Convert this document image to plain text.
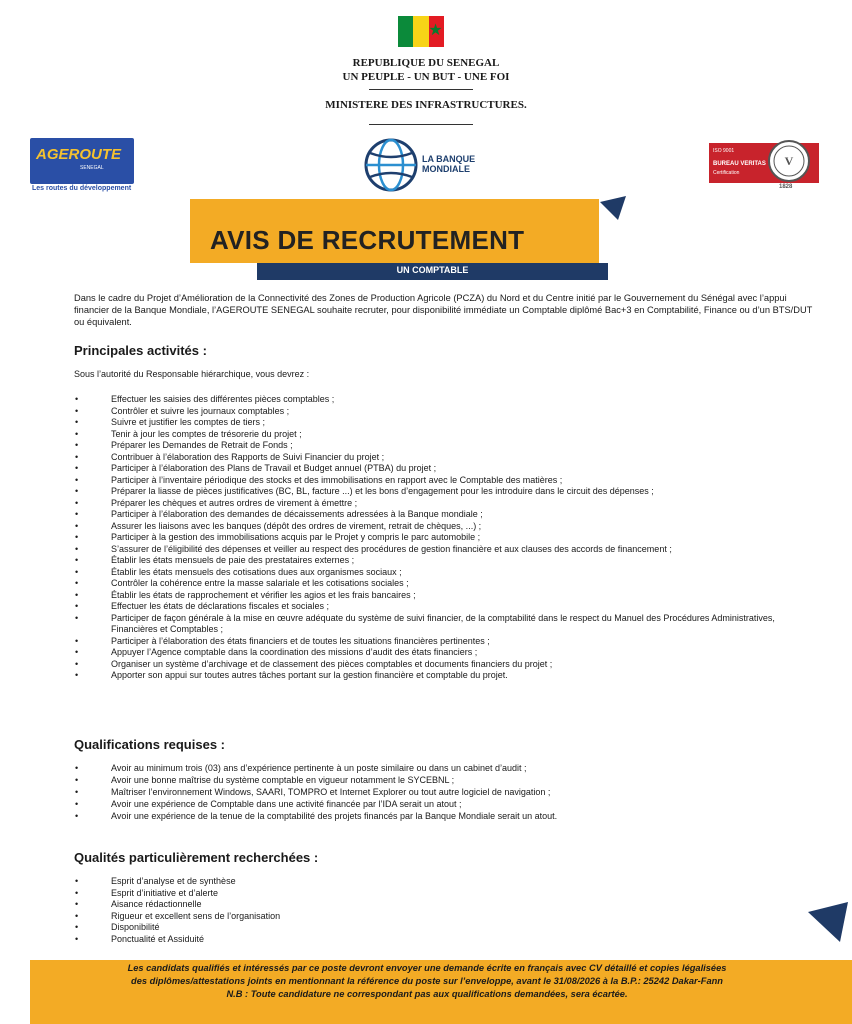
★
REPUBLIQUE DU SENEGAL
UN PEUPLE - UN BUT - UNE FOI
MINISTERE DES INFRASTRUCTURES.
AGEROUTE
SENEGAL
Les routes du développement
LA BANQUE
MONDIALE
ISO 9001
BUREAU VERITAS
Certification
V
1828
AVIS DE RECRUTEMENT
UN COMPTABLE
Dans le cadre du Projet d’Amélioration de la Connectivité des Zones de Production Agricole (PCZA) du Nord et du Centre initié par le Gouvernement du Sénégal avec l’appui financier de la Banque Mondiale, l’AGEROUTE SENEGAL souhaite recruter, pour disponibilité immédiate un Comptable diplômé Bac+3 en Comptabilité, Finance ou d’un BTS/DUT ou équivalent.
Principales activités :
Sous l’autorité du Responsable hiérarchique, vous devrez :
• Effectuer les saisies des différentes pièces comptables ;
• Contrôler et suivre les journaux comptables ;
• Suivre et justifier les comptes de tiers ;
• Tenir à jour les comptes de trésorerie du projet ;
• Préparer les Demandes de Retrait de Fonds ;
• Contribuer à l’élaboration des Rapports de Suivi Financier du projet ;
• Participer à l’élaboration des Plans de Travail et Budget annuel (PTBA) du projet ;
• Participer à l’inventaire périodique des stocks et des immobilisations en rapport avec le Comptable des matières ;
• Préparer la liasse de pièces justificatives (BC, BL, facture ...) et les bons d’engagement pour les introduire dans le circuit des dépenses ;
• Préparer les chèques et autres ordres de virement à émettre ;
• Participer à l’élaboration des demandes de décaissements adressées à la Banque mondiale ;
• Assurer les liaisons avec les banques (dépôt des ordres de virement, retrait de chèques, ...) ;
• Participer à la gestion des immobilisations acquis par le Projet y compris le parc automobile ;
• S’assurer de l’éligibilité des dépenses et veiller au respect des procédures de gestion financière et aux clauses des accords de financement ;
• Établir les états mensuels de paie des prestataires externes ;
• Établir les états mensuels des cotisations dues aux organismes sociaux ;
• Contrôler la cohérence entre la masse salariale et les cotisations sociales ;
• Établir les états de rapprochement et vérifier les agios et les frais bancaires ;
• Effectuer les états de déclarations fiscales et sociales ;
• Participer de façon générale à la mise en œuvre adéquate du système de suivi financier, de la comptabilité dans le respect du Manuel des Procédures Administratives, Financières et Comptables ;
• Participer à l’élaboration des états financiers et de toutes les situations financières pertinentes ;
• Appuyer l’Agence comptable dans la coordination des missions d’audit des états financiers ;
• Organiser un système d’archivage et de classement des pièces comptables et documents financiers du projet ;
• Apporter son appui sur toutes autres tâches portant sur la gestion financière et comptable du projet.
Qualifications requises :
• Avoir au minimum trois (03) ans d’expérience pertinente à un poste similaire ou dans un cabinet d’audit ;
• Avoir une bonne maîtrise du système comptable en vigueur notamment le SYCEBNL ;
• Maîtriser l’environnement Windows, SAARI, TOMPRO et Internet Explorer ou tout autre logiciel de navigation ;
• Avoir une expérience de Comptable dans une activité financée par l’IDA serait un atout ;
• Avoir une expérience de la tenue de la comptabilité des projets financés par la Banque Mondiale serait un atout.
Qualités particulièrement recherchées :
• Esprit d’analyse et de synthèse
• Esprit d’initiative et d’alerte
• Aisance rédactionnelle
• Rigueur et excellent sens de l’organisation
• Disponibilité
• Ponctualité et Assiduité
Les candidats qualifiés et intéressés par ce poste devront envoyer une demande écrite en français avec CV détaillé et copies légalisées
des diplômes/attestations joints en mentionnant la référence du poste sur l’enveloppe, avant le 31/08/2026 à la B.P.: 25242 Dakar-Fann
N.B : Toute candidature ne correspondant pas aux qualifications demandées, sera écartée.
